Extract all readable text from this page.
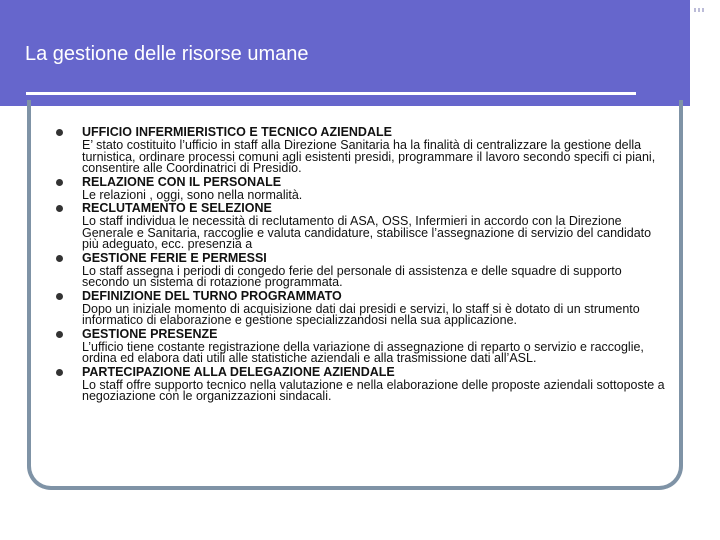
La gestione delle risorse umane
UFFICIO INFERMIERISTICO E TECNICO AZIENDALE
E’ stato costituito l’ufficio in staff alla Direzione Sanitaria ha la finalità di centralizzare la gestione della turnistica, ordinare processi comuni agli esistenti presidi, programmare il lavoro secondo specifi ci piani, consentire alle Coordinatrici di Presidio.
RELAZIONE CON IL PERSONALE
Le relazioni , oggi, sono nella normalità.
RECLUTAMENTO E SELEZIONE
Lo staff individua le necessità di reclutamento di ASA, OSS, Infermieri in accordo con la Direzione Generale e Sanitaria, raccoglie e valuta candidature, stabilisce l’assegnazione di servizio del candidato più adeguato, ecc. presenzia a
GESTIONE FERIE E PERMESSI
Lo staff assegna i periodi di congedo ferie del personale di assistenza e delle squadre di supporto secondo un sistema di rotazione programmata.
DEFINIZIONE DEL TURNO PROGRAMMATO
Dopo un iniziale momento di acquisizione dati dai presidi e servizi, lo staff si è dotato di un strumento informatico di elaborazione e gestione specializzandosi nella sua applicazione.
GESTIONE PRESENZE
L’ufficio tiene costante registrazione della variazione di assegnazione di reparto o servizio e raccoglie, ordina ed elabora dati utili alle statistiche aziendali e alla trasmissione dati all’ASL.
PARTECIPAZIONE ALLA DELEGAZIONE AZIENDALE
Lo staff offre supporto tecnico nella valutazione e nella elaborazione delle proposte aziendali sottoposte a negoziazione con le organizzazioni sindacali.
